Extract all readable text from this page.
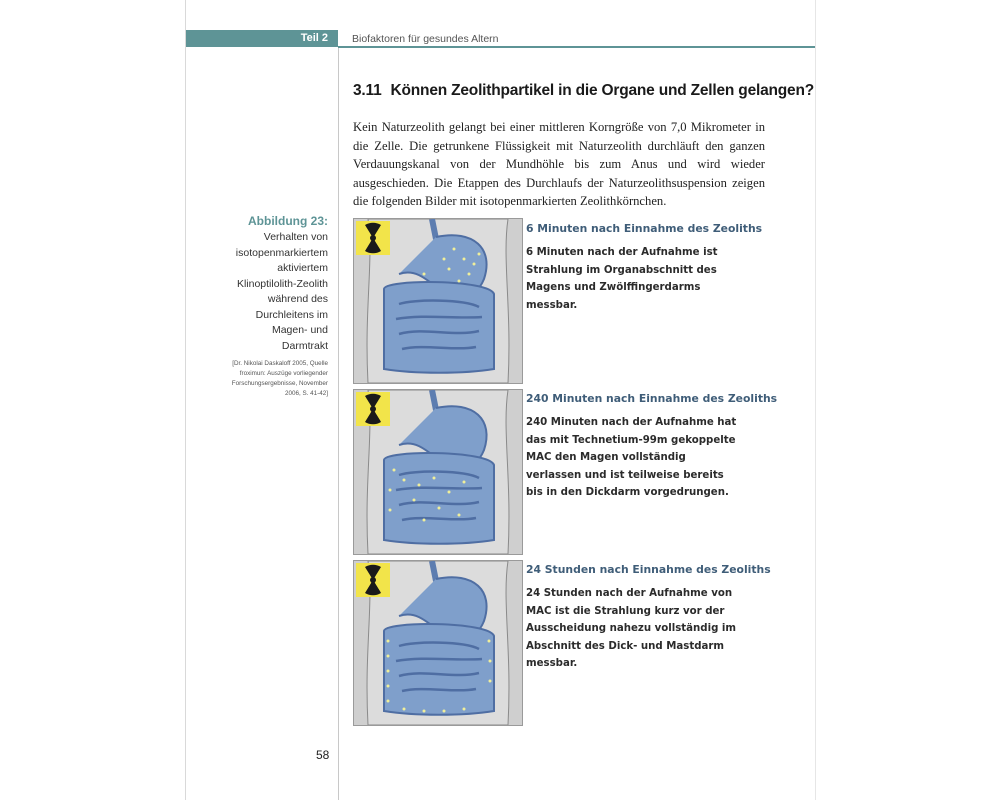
Teil 2 Biofaktoren für gesundes Altern
3.11 Können Zeolithpartikel in die Organe und Zellen gelangen?
Kein Naturzeolith gelangt bei einer mittleren Korngröße von 7,0 Mikrometer in die Zelle. Die getrunkene Flüssigkeit mit Naturzeolith durchläuft den ganzen Verdauungskanal von der Mundhöhle bis zum Anus und wird wieder ausgeschieden. Die Etappen des Durchlaufs der Naturzeolithsuspension zeigen die folgenden Bilder mit isotopenmarkierten Zeolithkörnchen.
Abbildung 23:
Verhalten von isotopenmarkiertem aktiviertem Klinoptilolith-Zeolith während des Durchleitens im Magen- und Darmtrakt
[Dr. Nikolai Daskaloff 2005, Quelle froximun: Auszüge vorliegender Forschungsergebnisse, November 2006, S. 41-42]
6 Minuten nach Einnahme des Zeoliths
6 Minuten nach der Aufnahme ist Strahlung im Organabschnitt des Magens und Zwölffingerdarms messbar.
240 Minuten nach Einnahme des Zeoliths
240 Minuten nach der Aufnahme hat das mit Technetium-99m gekoppelte MAC den Magen vollständig verlassen und ist teilweise bereits bis in den Dickdarm vorgedrungen.
24 Stunden nach Einnahme des Zeoliths
24 Stunden nach der Aufnahme von MAC ist die Strahlung kurz vor der Ausscheidung nahezu vollständig im Abschnitt des Dick- und Mastdarm messbar.
58
